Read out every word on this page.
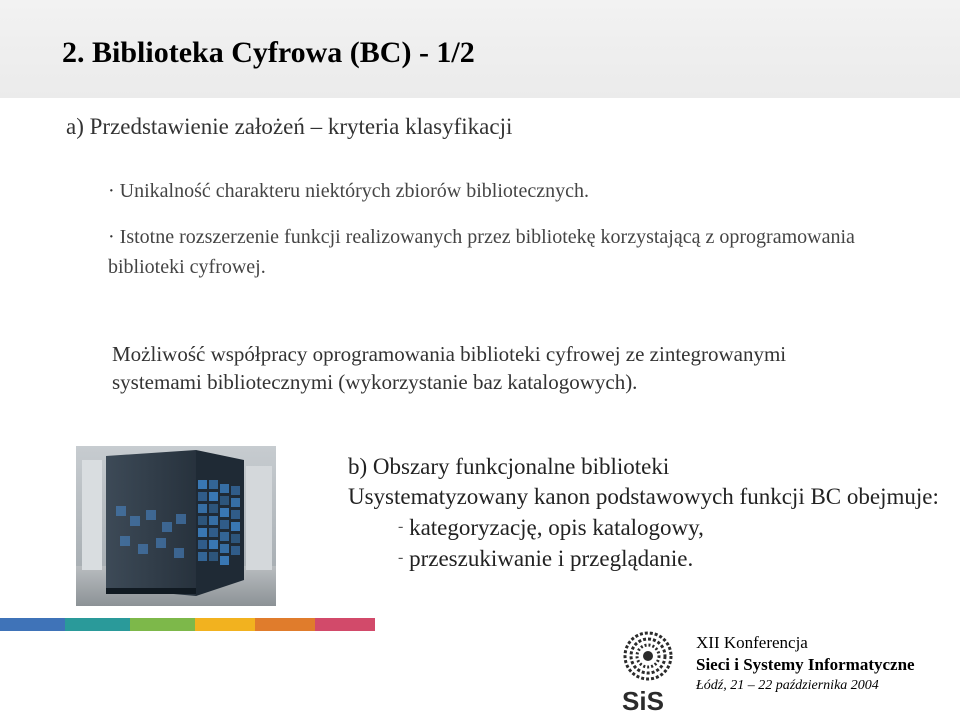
2. Biblioteka Cyfrowa (BC) - 1/2
a) Przedstawienie założeń – kryteria klasyfikacji
· Unikalność charakteru niektórych zbiorów bibliotecznych.
· Istotne rozszerzenie funkcji realizowanych przez bibliotekę korzystającą z oprogramowania biblioteki cyfrowej.
Możliwość współpracy oprogramowania biblioteki cyfrowej ze zintegrowanymi systemami bibliotecznymi (wykorzystanie baz katalogowych).
b) Obszary funkcjonalne biblioteki
Usystematyzowany kanon podstawowych funkcji BC obejmuje:
- kategoryzację, opis katalogowy,
- przeszukiwanie i przeglądanie.
SiS
XII Konferencja
Sieci i Systemy Informatyczne
Łódź, 21 – 22 października 2004
